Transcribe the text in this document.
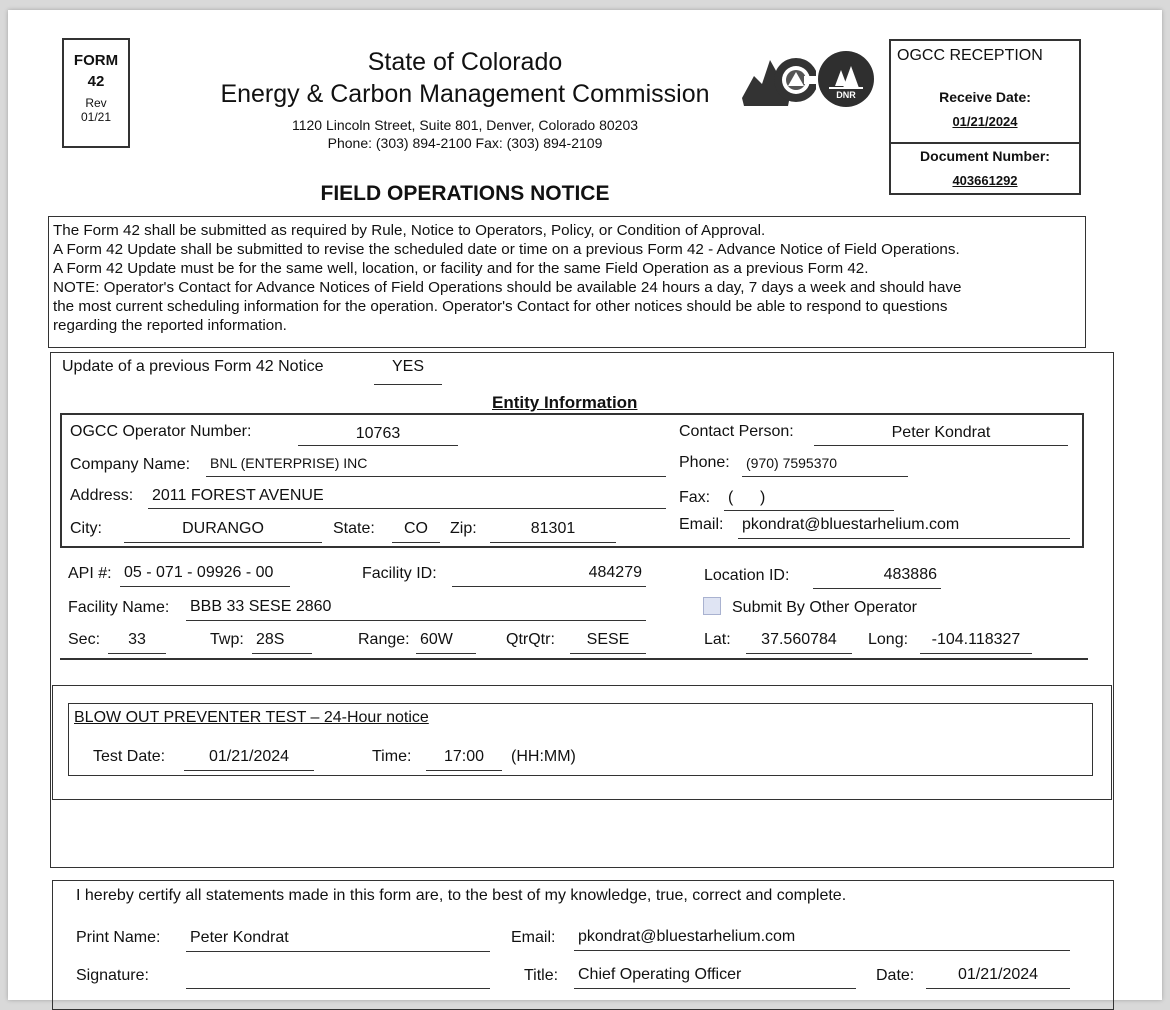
FORM
42
Rev
01/21
State of Colorado
Energy & Carbon Management Commission
1120 Lincoln Street, Suite 801, Denver, Colorado 80203
Phone: (303) 894-2100 Fax: (303) 894-2109
FIELD OPERATIONS NOTICE
DNR
OGCC RECEPTION
Receive Date:
01/21/2024
Document Number:
403661292
The Form 42 shall be submitted as required by Rule, Notice to Operators, Policy, or Condition of Approval.
A Form 42 Update shall be submitted to revise the scheduled date or time on a previous Form 42 - Advance Notice of Field Operations.
A Form 42 Update must be for the same well, location, or facility and for the same Field Operation as a previous Form 42.
NOTE: Operator's Contact for Advance Notices of Field Operations should be available 24 hours a day, 7 days a week and should have
the most current scheduling information for the operation. Operator's Contact for other notices should be able to respond to questions
regarding the reported information.
Update of a previous Form 42 Notice	YES
Entity Information
OGCC Operator Number:	10763	Contact Person:	Peter Kondrat
Company Name: BNL (ENTERPRISE) INC	Phone: (970) 7595370
Address: 2011 FOREST AVENUE	Fax: (      )
City:	DURANGO	State:	CO	Zip:	81301	Email: pkondrat@bluestarhelium.com
API #: 05 - 071 - 09926 - 00	Facility ID:	484279	Location ID:	483886
Facility Name: BBB 33 SESE 2860	Submit By Other Operator
Sec:	33	Twp: 28S	Range: 60W	QtrQtr:	SESE	Lat:	37.560784	Long:	-104.118327
BLOW OUT PREVENTER TEST – 24-Hour notice
Test Date:	01/21/2024	Time:	17:00	(HH:MM)
I hereby certify all statements made in this form are, to the best of my knowledge, true, correct and complete.
Print Name: Peter Kondrat	Email: pkondrat@bluestarhelium.com
Signature:	Title: Chief Operating Officer	Date:	01/21/2024
